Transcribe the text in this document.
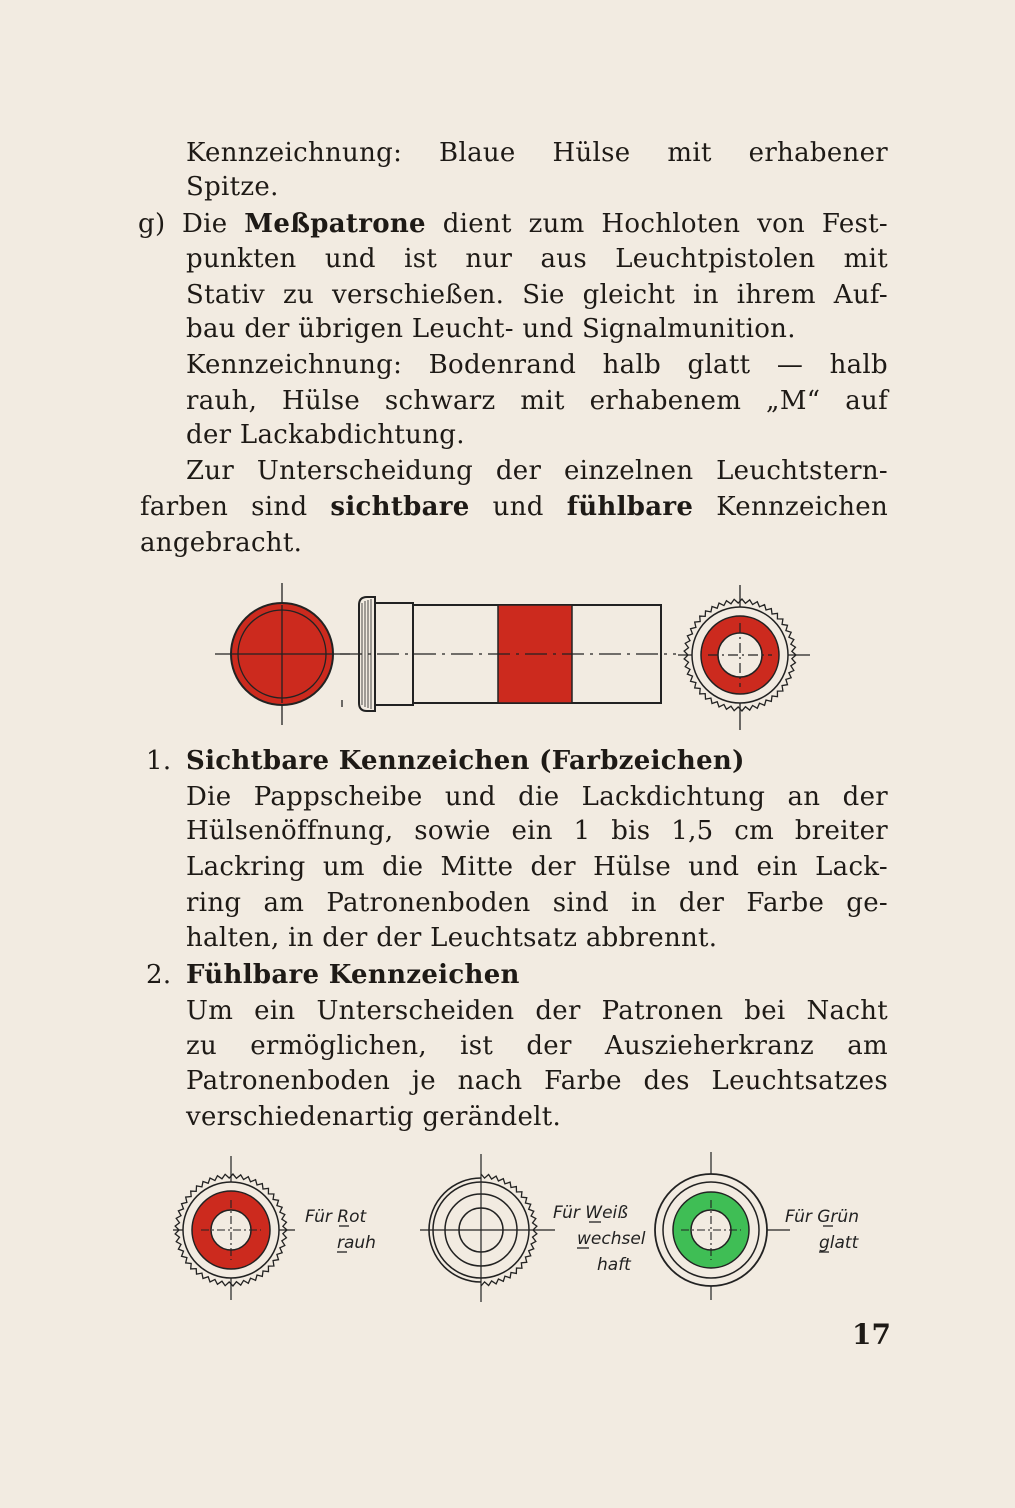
Kennzeichnung: Blaue Hülse mit erhabener
Spitze.
g) Die Meßpatrone dient zum Hochloten von Fest-
punkten und ist nur aus Leuchtpistolen mit
Stativ zu verschießen. Sie gleicht in ihrem Auf-
bau der übrigen Leucht- und Signalmunition.
Kennzeichnung: Bodenrand halb glatt — halb
rauh, Hülse schwarz mit erhabenem „M“ auf
der Lackabdichtung.
Zur Unterscheidung der einzelnen Leuchtstern-
farben sind sichtbare und fühlbare Kennzeichen
angebracht.
1. Sichtbare Kennzeichen (Farbzeichen)
Die Pappscheibe und die Lackdichtung an der
Hülsenöffnung, sowie ein 1 bis 1,5 cm breiter
Lackring um die Mitte der Hülse und ein Lack-
ring am Patronenboden sind in der Farbe ge-
halten, in der der Leuchtsatz abbrennt.
2. Fühlbare Kennzeichen
Um ein Unterscheiden der Patronen bei Nacht
zu ermöglichen, ist der Auszieherkranz am
Patronenboden je nach Farbe des Leuchtsatzes
verschiedenartig gerändelt.
Für Rot
rauh
Für Weiß
wechsel
haft
Für Grün
glatt
17
